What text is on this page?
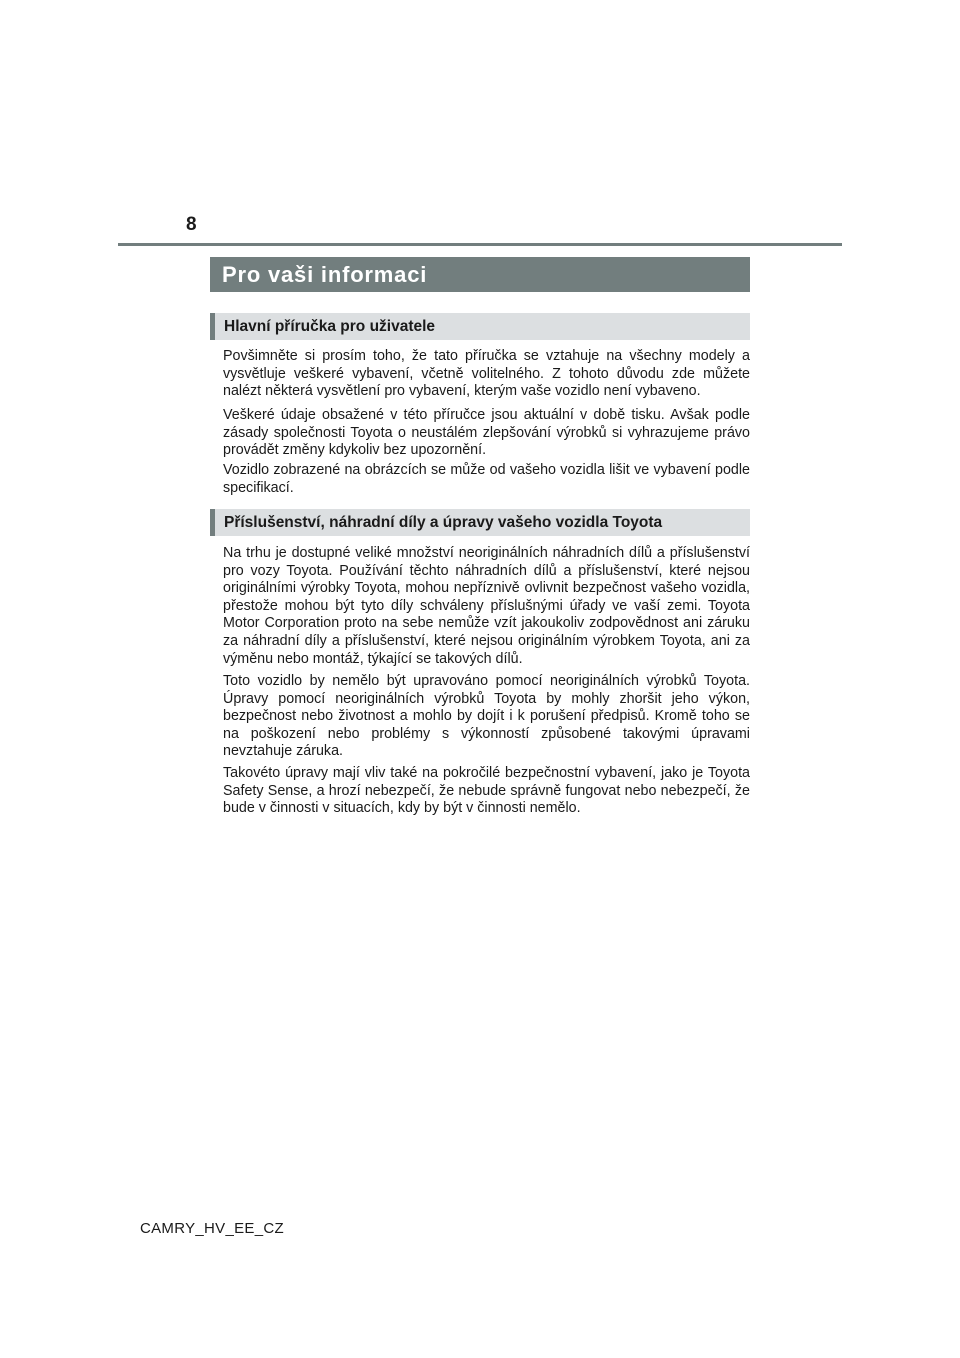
8
Pro vaši informaci
Hlavní příručka pro uživatele

Povšimněte si prosím toho, že tato příručka se vztahuje na všechny modely a vysvětluje veškeré vybavení, včetně volitelného. Z tohoto důvodu zde můžete nalézt některá vysvětlení pro vybavení, kterým vaše vozidlo není vybaveno.

Veškeré údaje obsažené v této příručce jsou aktuální v době tisku. Avšak podle zásady společnosti Toyota o neustálém zlepšování výrobků si vyhrazujeme právo provádět změny kdykoliv bez upozornění.

Vozidlo zobrazené na obrázcích se může od vašeho vozidla lišit ve vybavení podle specifikací.

Příslušenství, náhradní díly a úpravy vašeho vozidla Toyota

Na trhu je dostupné veliké množství neoriginálních náhradních dílů a příslušenství pro vozy Toyota. Používání těchto náhradních dílů a příslušenství, které nejsou originálními výrobky Toyota, mohou nepříznivě ovlivnit bezpečnost vašeho vozidla, přestože mohou být tyto díly schváleny příslušnými úřady ve vaší zemi. Toyota Motor Corporation proto na sebe nemůže vzít jakoukoliv zodpovědnost ani záruku za náhradní díly a příslušenství, které nejsou originálním výrobkem Toyota, ani za výměnu nebo montáž, týkající se takových dílů.

Toto vozidlo by nemělo být upravováno pomocí neoriginálních výrobků Toyota. Úpravy pomocí neoriginálních výrobků Toyota by mohly zhoršit jeho výkon, bezpečnost nebo životnost a mohlo by dojít i k porušení předpisů. Kromě toho se na poškození nebo problémy s výkonností způsobené takovými úpravami nevztahuje záruka.

Takovéto úpravy mají vliv také na pokročilé bezpečnostní vybavení, jako je Toyota Safety Sense, a hrozí nebezpečí, že nebude správně fungovat nebo nebezpečí, že bude v činnosti v situacích, kdy by být v činnosti nemělo.

CAMRY_HV_EE_CZ
